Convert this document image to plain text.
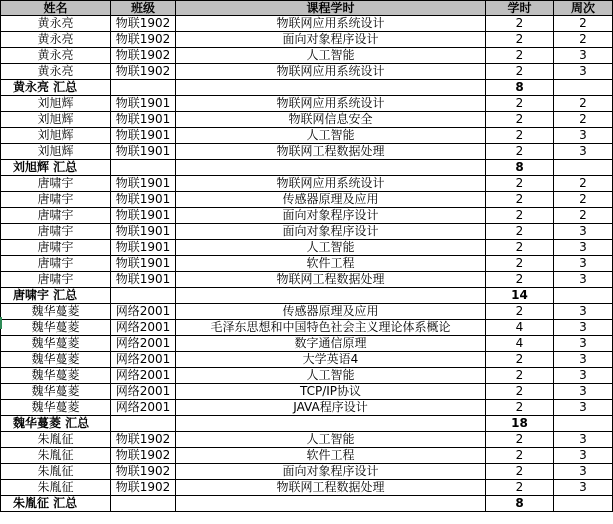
姓名	班级	课程学时	学时	周次
黄永亮	物联1902	物联网应用系统设计	2	2
黄永亮	物联1902	面向对象程序设计	2	2
黄永亮	物联1902	人工智能	2	3
黄永亮	物联1902	物联网应用系统设计	2	3
黄永亮 汇总			8	
刘旭辉	物联1901	物联网应用系统设计	2	2
刘旭辉	物联1901	物联网信息安全	2	2
刘旭辉	物联1901	人工智能	2	3
刘旭辉	物联1901	物联网工程数据处理	2	3
刘旭辉 汇总			8	
唐啸宇	物联1901	物联网应用系统设计	2	2
唐啸宇	物联1901	传感器原理及应用	2	2
唐啸宇	物联1901	面向对象程序设计	2	2
唐啸宇	物联1901	面向对象程序设计	2	3
唐啸宇	物联1901	人工智能	2	3
唐啸宇	物联1901	软件工程	2	3
唐啸宇	物联1901	物联网工程数据处理	2	3
唐啸宇 汇总			14	
魏华蔓菱	网络2001	传感器原理及应用	2	3
魏华蔓菱	网络2001	毛泽东思想和中国特色社会主义理论体系概论	4	3
魏华蔓菱	网络2001	数字通信原理	4	3
魏华蔓菱	网络2001	大学英语4	2	3
魏华蔓菱	网络2001	人工智能	2	3
魏华蔓菱	网络2001	TCP/IP协议	2	3
魏华蔓菱	网络2001	JAVA程序设计	2	3
魏华蔓菱 汇总			18	
朱胤征	物联1902	人工智能	2	3
朱胤征	物联1902	软件工程	2	3
朱胤征	物联1902	面向对象程序设计	2	3
朱胤征	物联1902	物联网工程数据处理	2	3
朱胤征 汇总			8	
